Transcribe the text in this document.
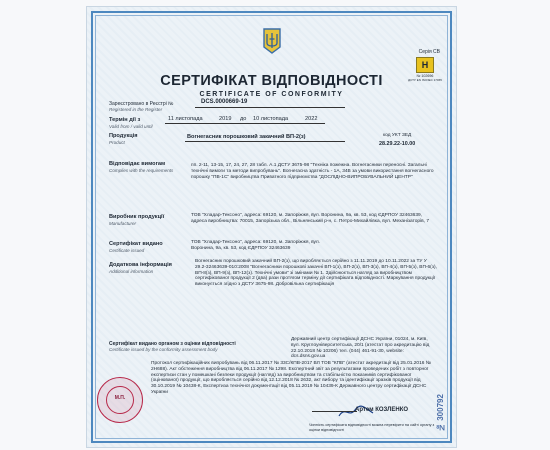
Серія СВ
H
№ 102696
ДСТУ EN ISO/IEC 17065
СЕРТИФІКАТ ВІДПОВІДНОСТІ
CERTIFICATE OF CONFORMITY
Зареєстровано в Реєстрі №
Registered in the Register
DCS.0000669-19
Термін дії з
Valid from / valid until
11 листопада	2019 до 10 листопада	2022
Продукція
Product
Вогнегасник порошковий закачний ВП-2(з)	код УКТ ЗЕД
28.29.22-10.00
Відповідає вимогам
Complies with the requirements
пп. 2-11, 13-15, 17, 24, 27, 28 табл. А.1 ДСТУ 3675-98 "Техніка пожежна. Вогнегасники переносні. Загальні технічні вимоги та методи випробувань". Вогнегасна здатність - 1А, 34В за умови використання вогнегасного порошку "ПВ-1С" виробництва Приватного підприємства "ДОСЛІДНО-ВИПРОБУВАЛЬНИЙ ЦЕНТР"
Виробник продукції
Manufacturer
ТОВ "Хладар-Тексоно", адреса: 69120, м. Запоріжжя, вул. Воронина, 9а, кв. 53, код ЄДРПОУ 32463639, адреса виробництва: 70015, Запорізька обл., Вільнянський р-н, с. Петро-Михайлівка, вул. Механізаторів, 7
Сертифікат видано
Certificate issued
ТОВ "Хладар-Тексоно", адреса: 69120, м. Запоріжжя, вул. Воронина, 9а, кв. 53, код ЄДРПОУ 32463639
Додаткова інформація
Additional information
Вогнегасник порошковий закачний ВП-2(з), що виробляється серійно з 11.11.2019 до 10.11.2022 за ТУ У 29.2-32463639-010:2008 "Вогнегасники порошкові закачні ВП-1(з), ВП-2(з), ВП-3(з), ВП-4(з), ВП-5(з), ВП-6(з), ВП-8(з), ВП-9(з), ВП-12(з). Технічні умови" зі змінами № 1. Здійснюється нагляд за виробництвом сертифікованої продукції 2 (два) рази протягом терміну дії сертифіката відповідності. Маркування продукції виконується згідно з ДСТУ 3675-98. Добровільна сертифікація
Сертифікат видано органом з оцінки відповідності
Certificate issued by the conformity assessment body
Державний центр сертифікації ДСНС України, 01024, м. Київ, вул. Круглоуніверситетська, 20/1 (атестат про акредитацію від 22.10.2018 № 10206) тел. (044) 461-91-30, website: dcs.dsns.gov.ua
Протокол сертифікаційних випробувань від 06.11.2017 № 33С/КПВ-2017 ВЛ ТОВ "КПВ" (атестат акредитації від 25.01.2016 № 2H688). Акт обстеження виробництва від 06.11.2017 № 1298. Експертний звіт за результатами проведених робіт з повторної експертизи стан у помешкані безпеки продукції (нагляд) за виробництвом та стабільністю показників сертифікованої (оцінюваної) продукції, що виробляється серійно від 12.12.2018 № 2632, акт вибору та ідентифікації зразків продукції від 30.10.2019 № 10438-К, Експертиза технічної документації від 05.11.2019 № 10439-К Державного центру сертифікації ДСНС України
М.П.
Артем КОЗЛЕНКО
Чинність сертифіката відповідності можна перевірити на сайті органу з оцінки відповідності	№ 300792
